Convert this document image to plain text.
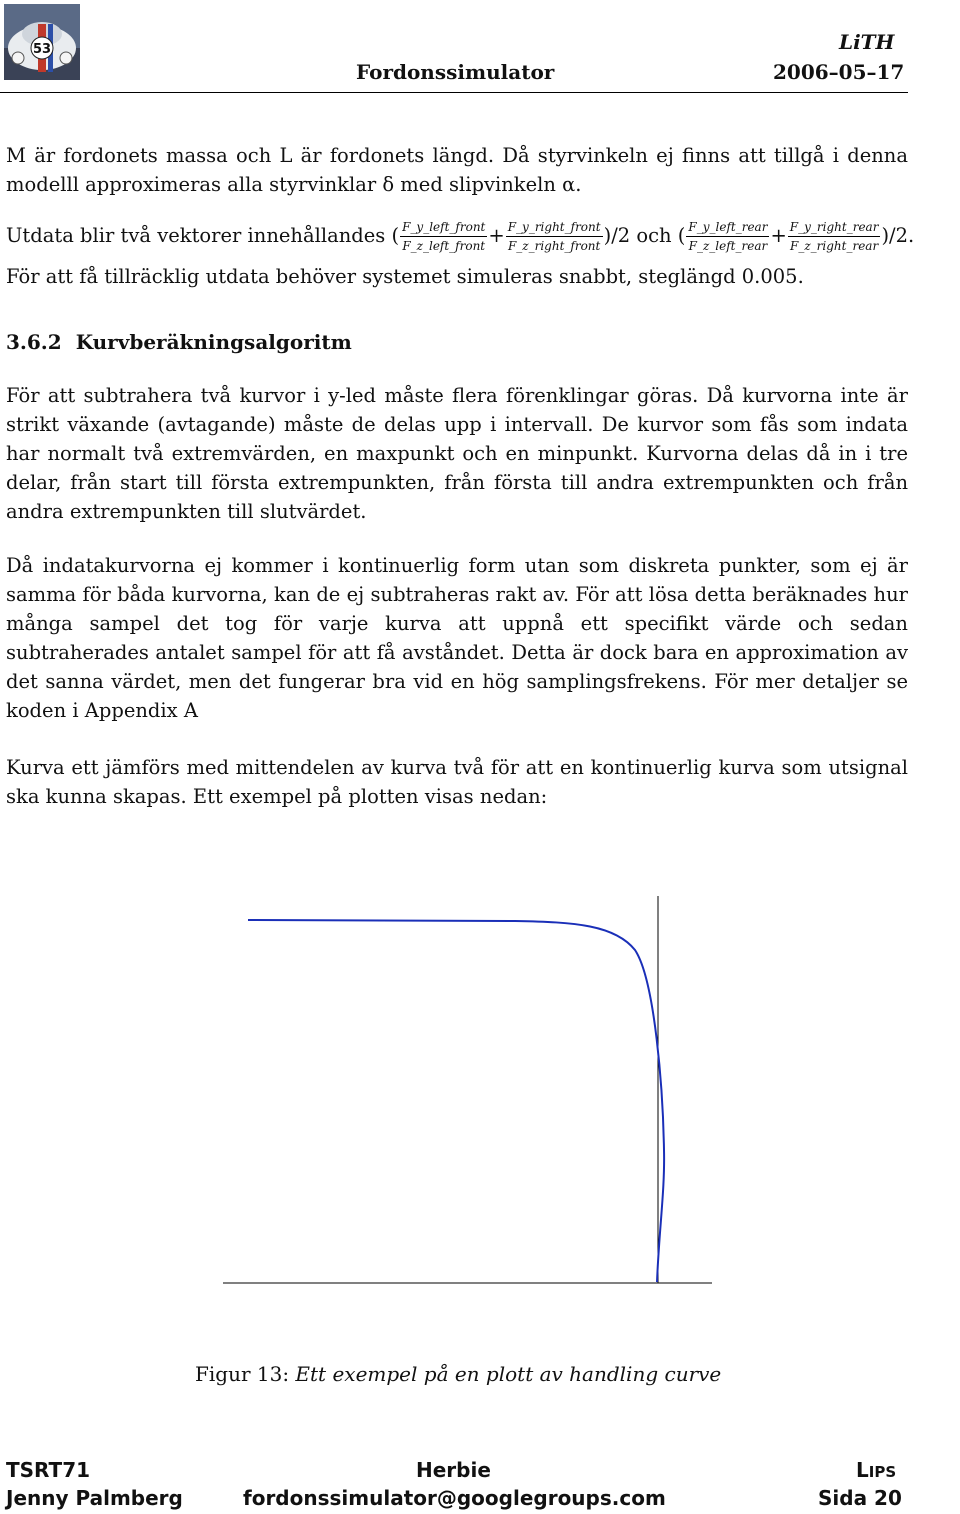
53	LiTH
Fordonssimulator	2006–05–17
M är fordonets massa och L är fordonets längd. Då styrvinkeln ej finns att tillgå i denna modelll approximeras alla styrvinklar δ med slipvinkeln α.
Utdata blir två vektorer innehållandes ( $\frac{\text{F\_y\_left\_front}}{\text{F\_z\_left\_front}} + \frac{\text{F\_y\_right\_front}}{\text{F\_z\_right\_front}} )/2$ och ( $\frac{\text{F\_y\_left\_rear}}{\text{F\_z\_left\_rear}} + \frac{\text{F\_y\_right\_rear}}{\text{F\_z\_right\_rear}} )/2$.
För att få tillräcklig utdata behöver systemet simuleras snabbt, steglängd 0.005.
3.6.2 Kurvberäkningsalgoritm
För att subtrahera två kurvor i y-led måste flera förenklingar göras. Då kurvorna inte är strikt växande (avtagande) måste de delas upp i intervall. De kurvor som fås som indata har normalt två extremvärden, en maxpunkt och en minpunkt. Kurvorna delas då in i tre delar, från start till första extrempunkten, från första till andra extrempunkten och från andra extrempunkten till slutvärdet.
Då indatakurvorna ej kommer i kontinuerlig form utan som diskreta punkter, som ej är samma för båda kurvorna, kan de ej subtraheras rakt av. För att lösa detta beräknades hur många sampel det tog för varje kurva att uppnå ett specifikt värde och sedan subtraherades antalet sampel för att få avståndet. Detta är dock bara en approximation av det sanna värdet, men det fungerar bra vid en hög samplingsfrekens. För mer detaljer se koden i Appendix A
Kurva ett jämförs med mittendelen av kurva två för att en kontinuerlig kurva som utsignal ska kunna skapas. Ett exempel på plotten visas nedan:
Figur 13: Ett exempel på en plott av handling curve
TSRT71	Herbie	LIPS
Jenny Palmberg	fordonssimulator@googlegroups.com	Sida 20
